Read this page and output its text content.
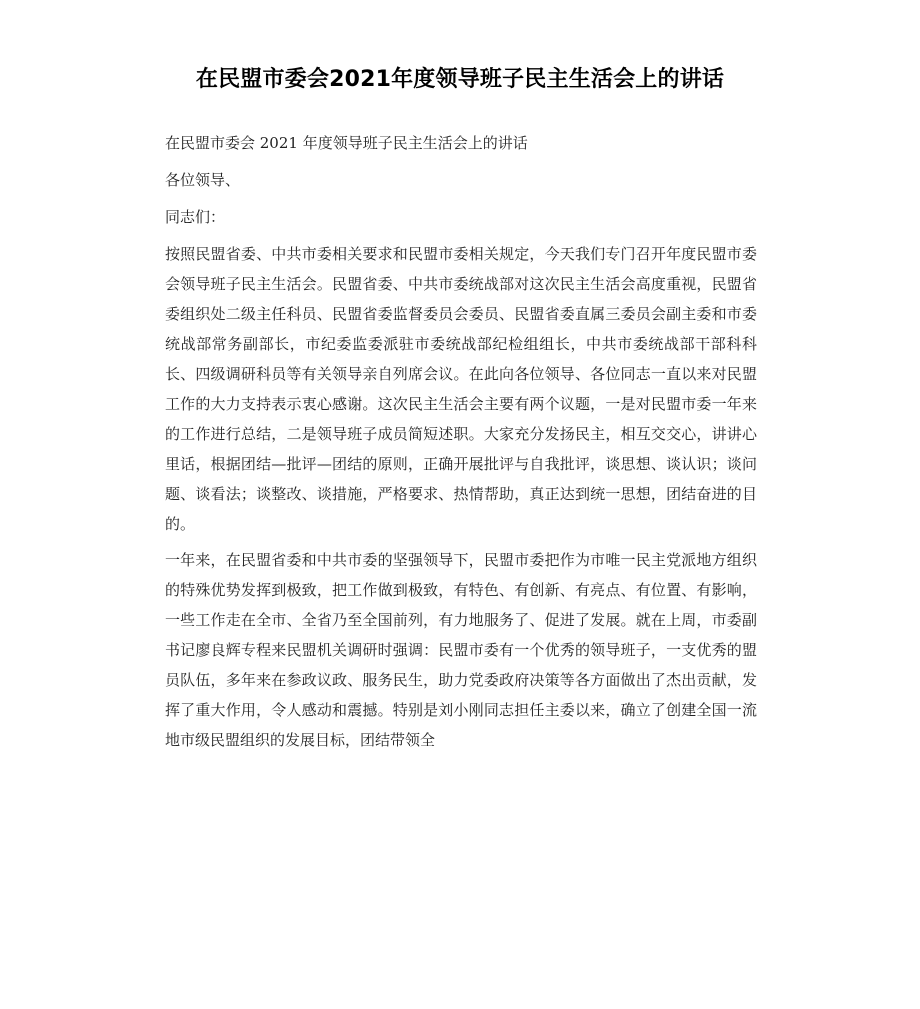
在民盟市委会2021年度领导班子民主生活会上的讲话

在民盟市委会 2021 年度领导班子民主生活会上的讲话

各位领导、

同志们：

按照民盟省委、中共市委相关要求和民盟市委相关规定，今天我们专门召开年度民盟市委会领导班子民主生活会。民盟省委、中共市委统战部对这次民主生活会高度重视，民盟省委组织处二级主任科员、民盟省委监督委员会委员、民盟省委直属三委员会副主委和市委统战部常务副部长，市纪委监委派驻市委统战部纪检组组长，中共市委统战部干部科科长、四级调研科员等有关领导亲自列席会议。在此向各位领导、各位同志一直以来对民盟工作的大力支持表示衷心感谢。这次民主生活会主要有两个议题，一是对民盟市委一年来的工作进行总结，二是领导班子成员简短述职。大家充分发扬民主，相互交交心，讲讲心里话，根据团结—批评—团结的原则，正确开展批评与自我批评，谈思想、谈认识；谈问题、谈看法；谈整改、谈措施，严格要求、热情帮助，真正达到统一思想，团结奋进的目的。

一年来，在民盟省委和中共市委的坚强领导下，民盟市委把作为市唯一民主党派地方组织的特殊优势发挥到极致，把工作做到极致，有特色、有创新、有亮点、有位置、有影响，一些工作走在全市、全省乃至全国前列，有力地服务了、促进了发展。就在上周，市委副书记廖良辉专程来民盟机关调研时强调：民盟市委有一个优秀的领导班子，一支优秀的盟员队伍，多年来在参政议政、服务民生，助力党委政府决策等各方面做出了杰出贡献，发挥了重大作用，令人感动和震撼。特别是刘小刚同志担任主委以来，确立了创建全国一流地市级民盟组织的发展目标，团结带领全
